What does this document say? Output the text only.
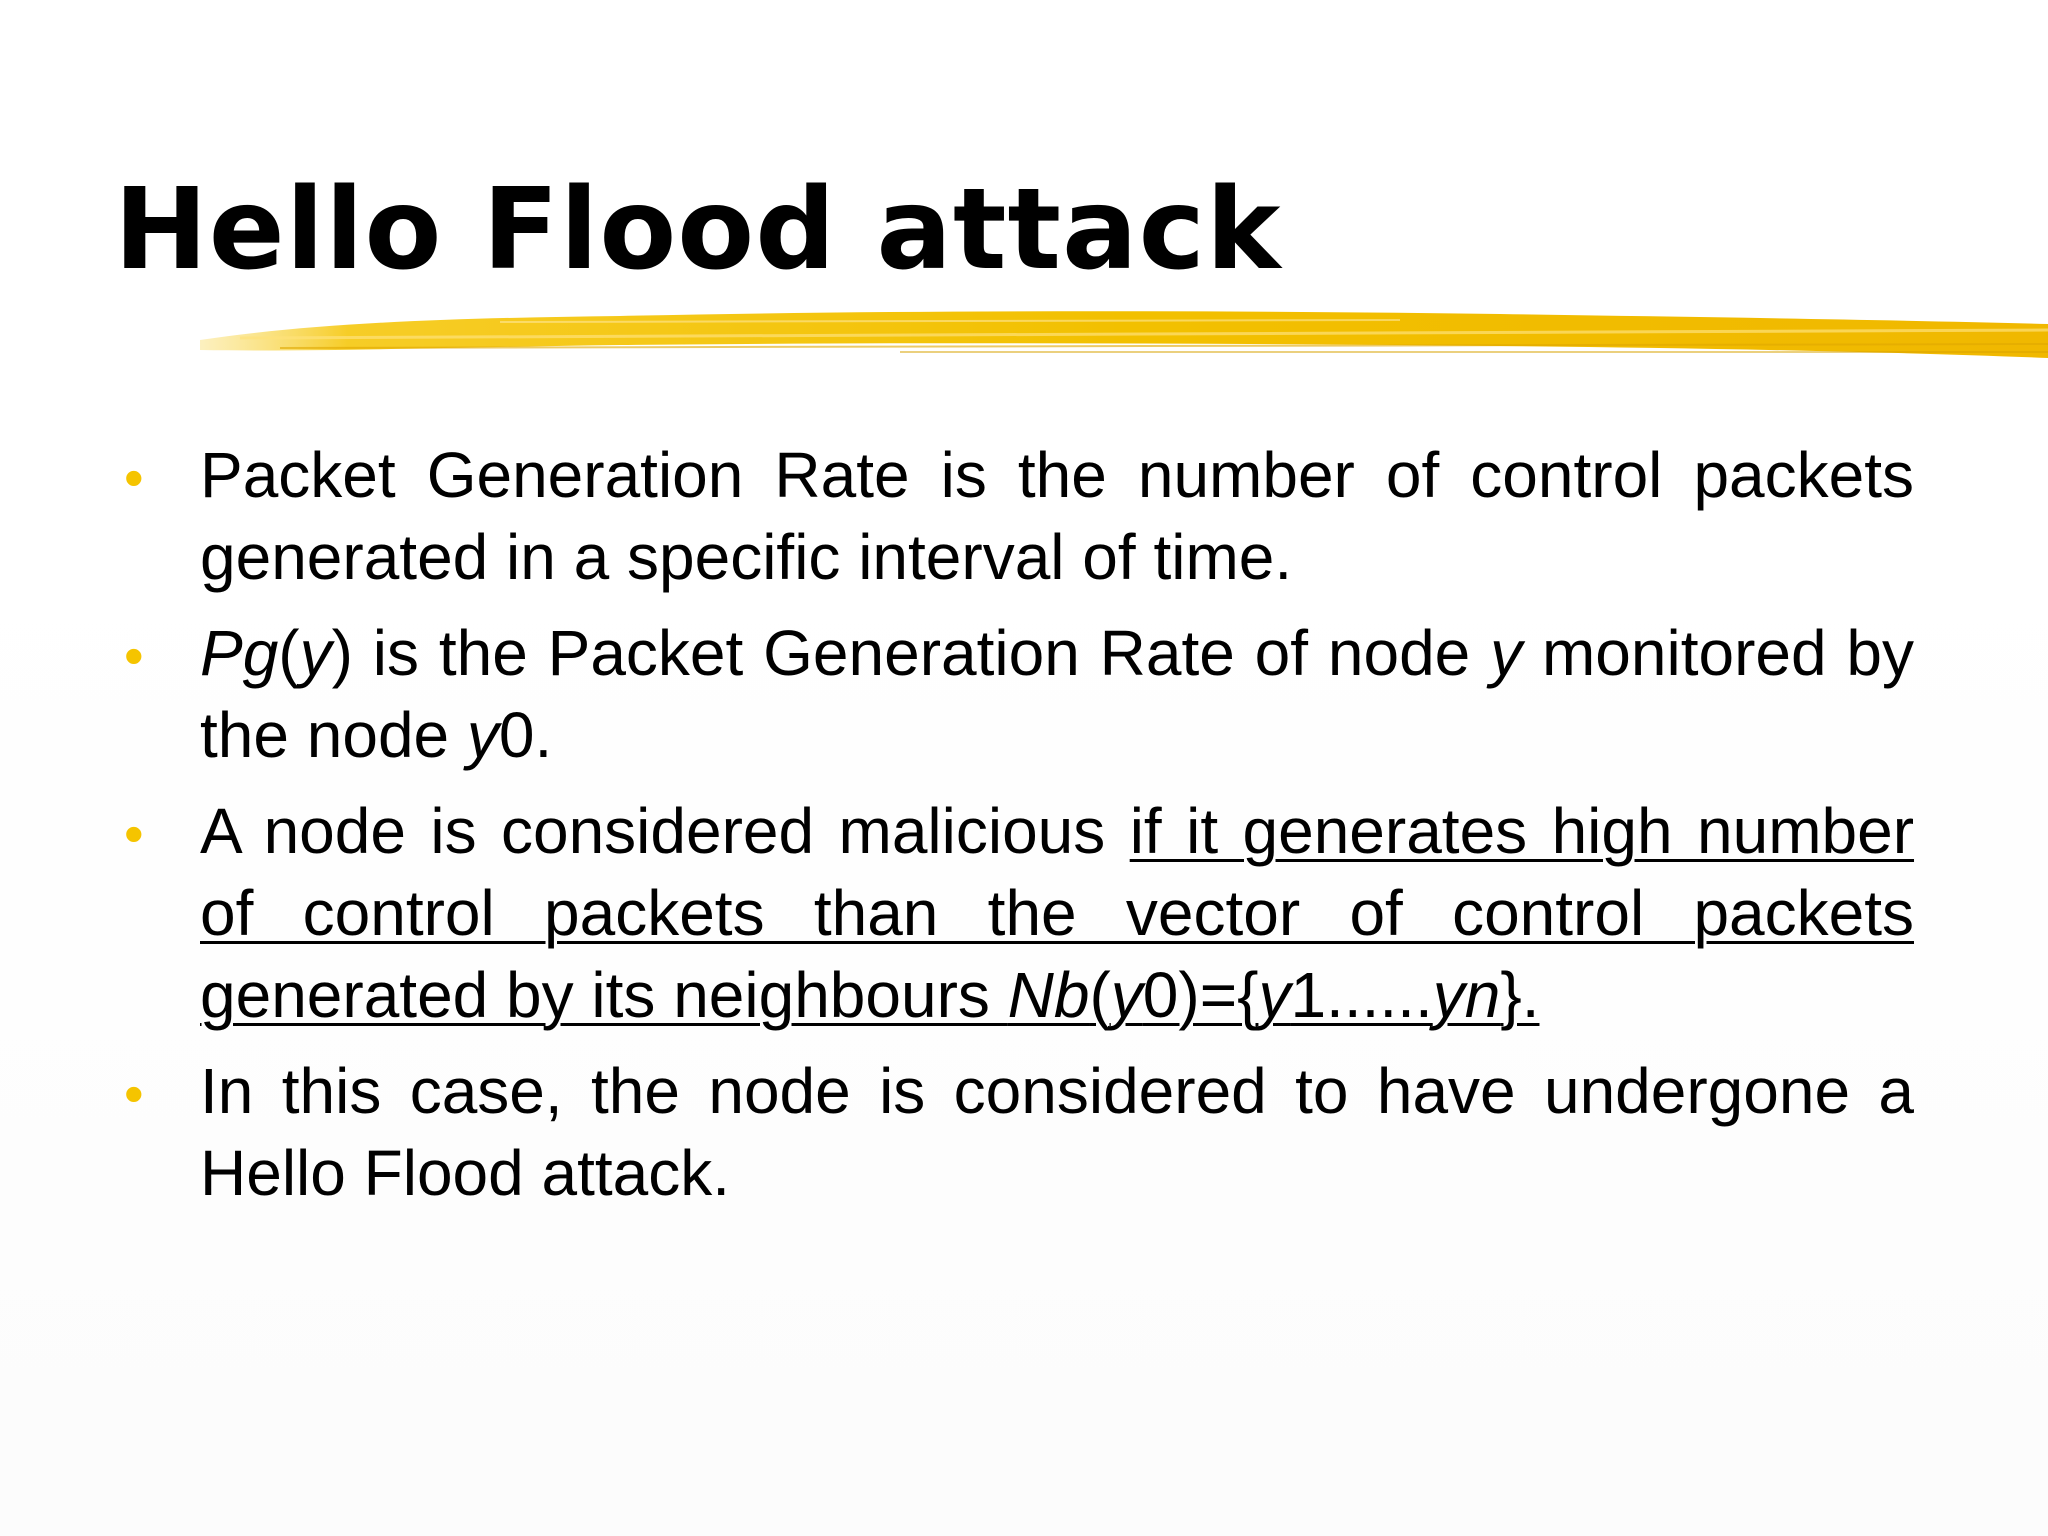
Hello Flood attack
• Packet Generation Rate is the number of control packets generated in a specific interval of time.
• Pg(y) is the Packet Generation Rate of node y monitored by the node y0.
• A node is considered malicious if it generates high number of control packets than the vector of control packets generated by its neighbours Nb(y0)={y1......yn}.
• In this case, the node is considered to have undergone a Hello Flood attack.
